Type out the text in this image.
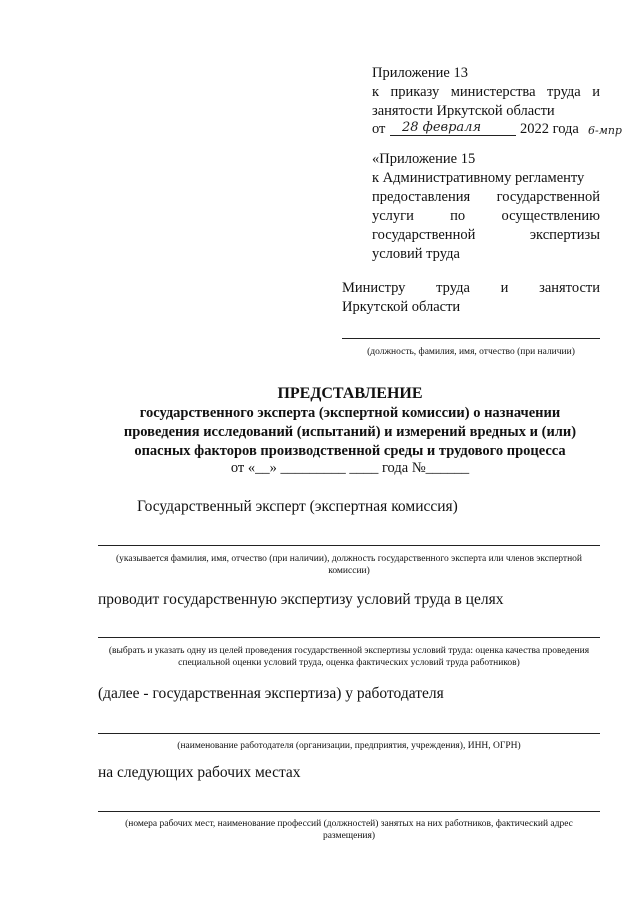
Приложение 13
к приказу министерства труда и
занятости Иркутской области
от 28 февраля	2022 года 6-мпр
«Приложение 15
к Административному регламенту
предоставления государственной
услуги	по	осуществлению
государственной	экспертизы
условий труда
Министру труда и занятости
Иркутской области
(должность, фамилия, имя, отчество (при наличии)
ПРЕДСТАВЛЕНИЕ
государственного эксперта (экспертной комиссии) о назначении
проведения исследований (испытаний) и измерений вредных и (или)
опасных факторов производственной среды и трудового процесса
от «__» _________ ____ года №______
Государственный эксперт (экспертная комиссия)
(указывается фамилия, имя, отчество (при наличии), должность государственного эксперта или членов экспертной комиссии)
проводит государственную экспертизу условий труда в целях
(выбрать и указать одну из целей проведения государственной экспертизы условий труда: оценка качества проведения специальной оценки условий труда, оценка фактических условий труда работников)
(далее - государственная экспертиза) у работодателя
(наименование работодателя (организации, предприятия, учреждения), ИНН, ОГРН)
на следующих рабочих местах
(номера рабочих мест, наименование профессий (должностей) занятых на них работников, фактический адрес размещения)
